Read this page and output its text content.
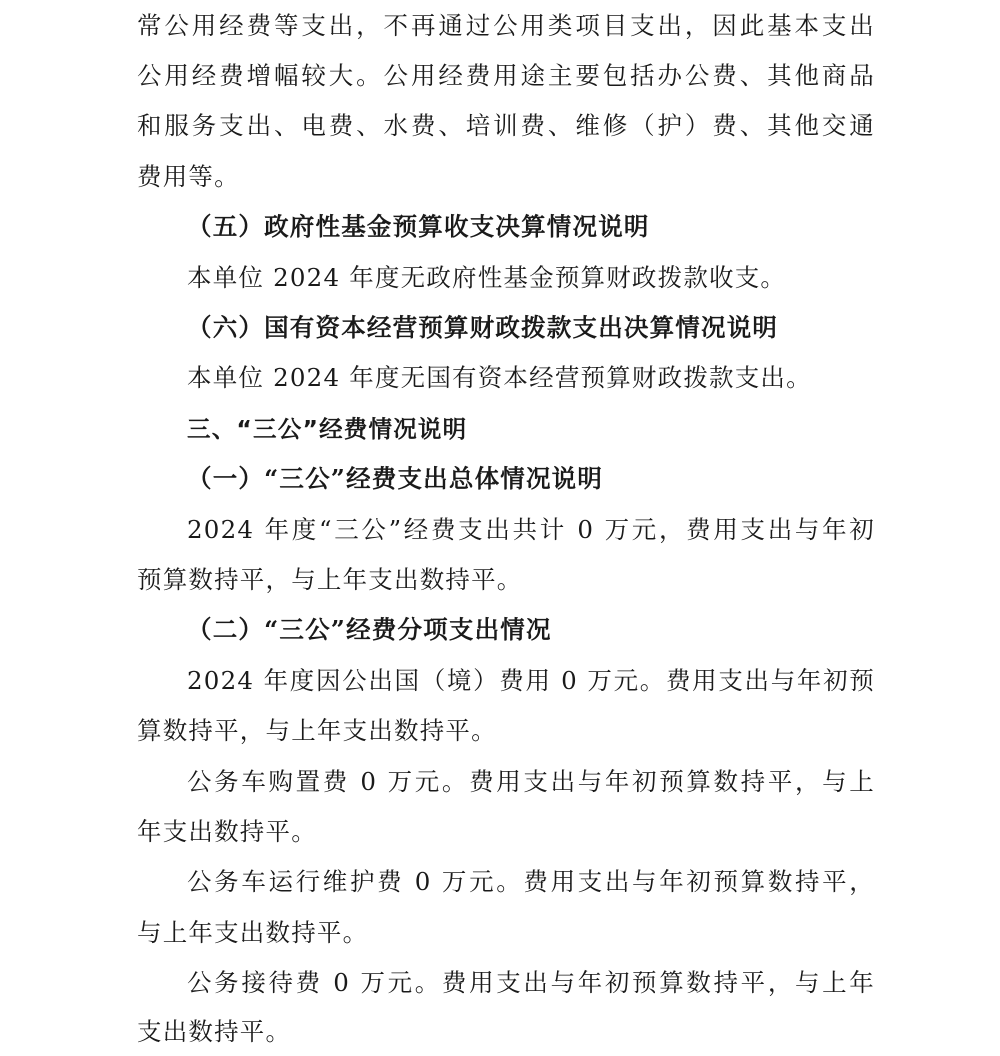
常公用经费等支出，不再通过公用类项目支出，因此基本支出
公用经费增幅较大。公用经费用途主要包括办公费、其他商品
和服务支出、电费、水费、培训费、维修（护）费、其他交通
费用等。
（五）政府性基金预算收支决算情况说明
本单位 2024 年度无政府性基金预算财政拨款收支。
（六）国有资本经营预算财政拨款支出决算情况说明
本单位 2024 年度无国有资本经营预算财政拨款支出。
三、“三公”经费情况说明
（一）“三公”经费支出总体情况说明
2024 年度“三公”经费支出共计 0 万元，费用支出与年初
预算数持平，与上年支出数持平。
（二）“三公”经费分项支出情况
2024 年度因公出国（境）费用 0 万元。费用支出与年初预
算数持平，与上年支出数持平。
公务车购置费 0 万元。费用支出与年初预算数持平，与上
年支出数持平。
公务车运行维护费 0 万元。费用支出与年初预算数持平，
与上年支出数持平。
公务接待费 0 万元。费用支出与年初预算数持平，与上年
支出数持平。
